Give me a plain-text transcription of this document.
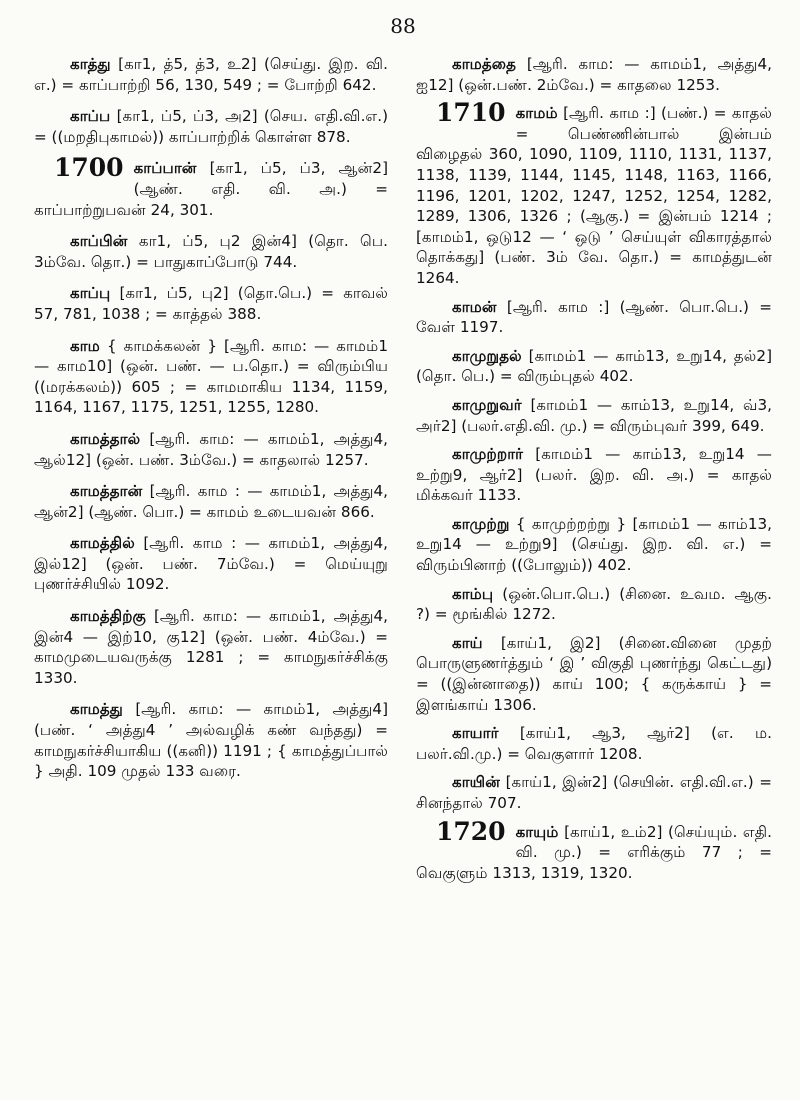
88
காத்து [கா1, த்5, த்3, உ2] (செய்து. இற. வி. எ.) = காப்பாற்றி 56, 130, 549 ; = போற்றி 642.
காப்ப [கா1, ப்5, ப்3, அ2] (செய. எதி.வி.எ.) = ((மறதிபுகாமல்)) காப்பாற்றிக் கொள்ள 878.
1700 காப்பான் [கா1, ப்5, ப்3, ஆன்2] (ஆண். எதி. வி. அ.) = காப்பாற்றுபவன் 24, 301.
காப்பின் கா1, ப்5, பு2 இன்4] (தொ. பெ. 3ம்வே. தொ.) = பாதுகாப்போடு 744.
காப்பு [கா1, ப்5, பு2] (தொ.பெ.) = காவல் 57, 781, 1038 ; = காத்தல் 388.
காம { காமக்கலன் } [ஆரி. காம: — காமம்1 — காம10] (ஒன். பண். — ப.தொ.) = விரும்பிய ((மரக்கலம்)) 605 ; = காமமாகிய 1134, 1159, 1164, 1167, 1175, 1251, 1255, 1280.
காமத்தால் [ஆரி. காம: — காமம்1, அத்து4, ஆல்12] (ஒன். பண். 3ம்வே.) = காதலால் 1257.
காமத்தான் [ஆரி. காம : — காமம்1, அத்து4, ஆன்2] (ஆண். பொ.) = காமம் உடையவன் 866.
காமத்தில் [ஆரி. காம : — காமம்1, அத்து4, இல்12] (ஒன். பண். 7ம்வே.) = மெய்யுறு புணர்ச்சியில் 1092.
காமத்திற்கு [ஆரி. காம: — காமம்1, அத்து4, இன்4 — இற்10, கு12] (ஒன். பண். 4ம்வே.) = காமமுடையவருக்கு 1281 ; = காமநுகர்ச்சிக்கு 1330.
காமத்து [ஆரி. காம: — காமம்1, அத்து4] (பண். ‘ அத்து4 ’ அல்வழிக் கண் வந்தது) = காமநுகர்ச்சியாகிய ((கனி)) 1191 ; { காமத்துப்பால் } அதி. 109 முதல் 133 வரை.
காமத்தை [ஆரி. காம: — காமம்1, அத்து4, ஐ12] (ஒன்.பண். 2ம்வே.) = காதலை 1253.
1710 காமம் [ஆரி. காம :] (பண்.) = காதல் = பெண்ணின்பால் இன்பம் விழைதல் 360, 1090, 1109, 1110, 1131, 1137, 1138, 1139, 1144, 1145, 1148, 1163, 1166, 1196, 1201, 1202, 1247, 1252, 1254, 1282, 1289, 1306, 1326 ; (ஆகு.) = இன்பம் 1214 ; [காமம்1, ஒடு12 — ‘ ஒடு ’ செய்யுள் விகாரத்தால் தொக்கது] (பண். 3ம் வே. தொ.) = காமத்துடன் 1264.
காமன் [ஆரி. காம :] (ஆண். பொ.பெ.) = வேள் 1197.
காமுறுதல் [காமம்1 — காம்13, உறு14, தல்2] (தொ. பெ.) = விரும்புதல் 402.
காமுறுவர் [காமம்1 — காம்13, உறு14, வ்3, அர்2] (பலர்.எதி.வி. மு.) = விரும்புவர் 399, 649.
காமுற்றார் [காமம்1 — காம்13, உறு14 — உற்று9, ஆர்2] (பலர். இற. வி. அ.) = காதல் மிக்கவர் 1133.
காமுற்று { காமுற்றற்று } [காமம்1 — காம்13, உறு14 — உற்று9] (செய்து. இற. வி. எ.) = விரும்பினாற் ((போலும்)) 402.
காம்பு (ஒன்.பொ.பெ.) (சினை. உவம. ஆகு. ?) = மூங்கில் 1272.
காய் [காய்1, இ2] (சினை.வினை முதற் பொருளுணர்த்தும் ‘ இ ’ விகுதி புணர்ந்து கெட்டது) = ((இன்னாதை)) காய் 100; { கருக்காய் } = இளங்காய் 1306.
காயார் [காய்1, ஆ3, ஆர்2] (எ. ம. பலர்.வி.மு.) = வெகுளார் 1208.
காயின் [காய்1, இன்2] (செயின். எதி.வி.எ.) = சினந்தால் 707.
1720 காயும் [காய்1, உம்2] (செய்யும். எதி. வி. மு.) = எரிக்கும் 77 ; = வெகுளும் 1313, 1319, 1320.
